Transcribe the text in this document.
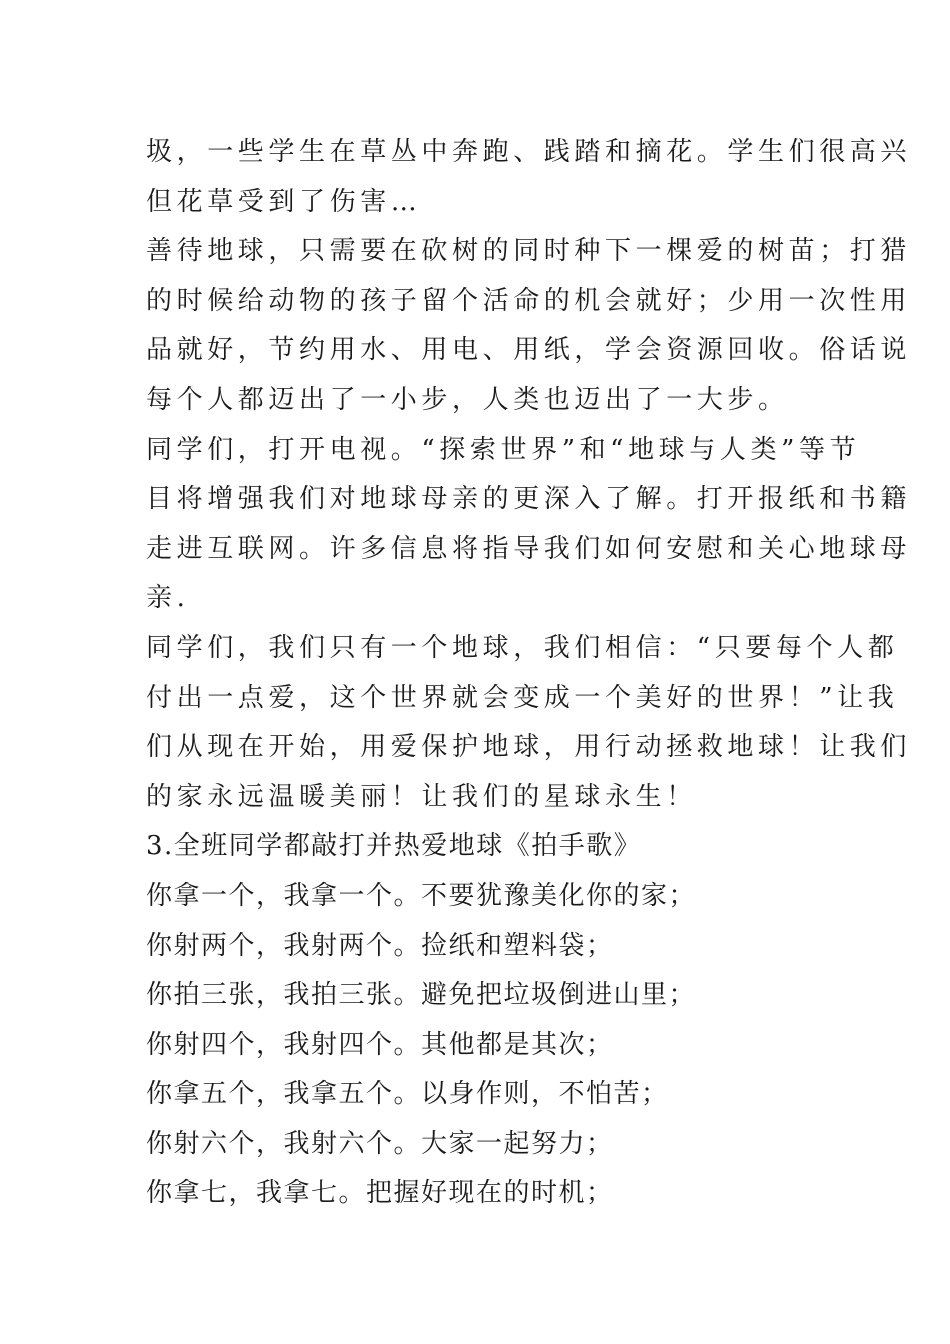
圾，一些学生在草丛中奔跑、践踏和摘花。学生们很高兴
但花草受到了伤害…
善待地球，只需要在砍树的同时种下一棵爱的树苗；打猎
的时候给动物的孩子留个活命的机会就好；少用一次性用
品就好，节约用水、用电、用纸，学会资源回收。俗话说
每个人都迈出了一小步，人类也迈出了一大步。
同学们，打开电视。“探索世界”和“地球与人类”等节
目将增强我们对地球母亲的更深入了解。打开报纸和书籍
走进互联网。许多信息将指导我们如何安慰和关心地球母
亲.
同学们，我们只有一个地球，我们相信：“只要每个人都
付出一点爱，这个世界就会变成一个美好的世界！”让我
们从现在开始，用爱保护地球，用行动拯救地球！让我们
的家永远温暖美丽！让我们的星球永生！
3.全班同学都敲打并热爱地球《拍手歌》
你拿一个，我拿一个。不要犹豫美化你的家；
你射两个，我射两个。捡纸和塑料袋；
你拍三张，我拍三张。避免把垃圾倒进山里；
你射四个，我射四个。其他都是其次；
你拿五个，我拿五个。以身作则，不怕苦；
你射六个，我射六个。大家一起努力；
你拿七，我拿七。把握好现在的时机；
